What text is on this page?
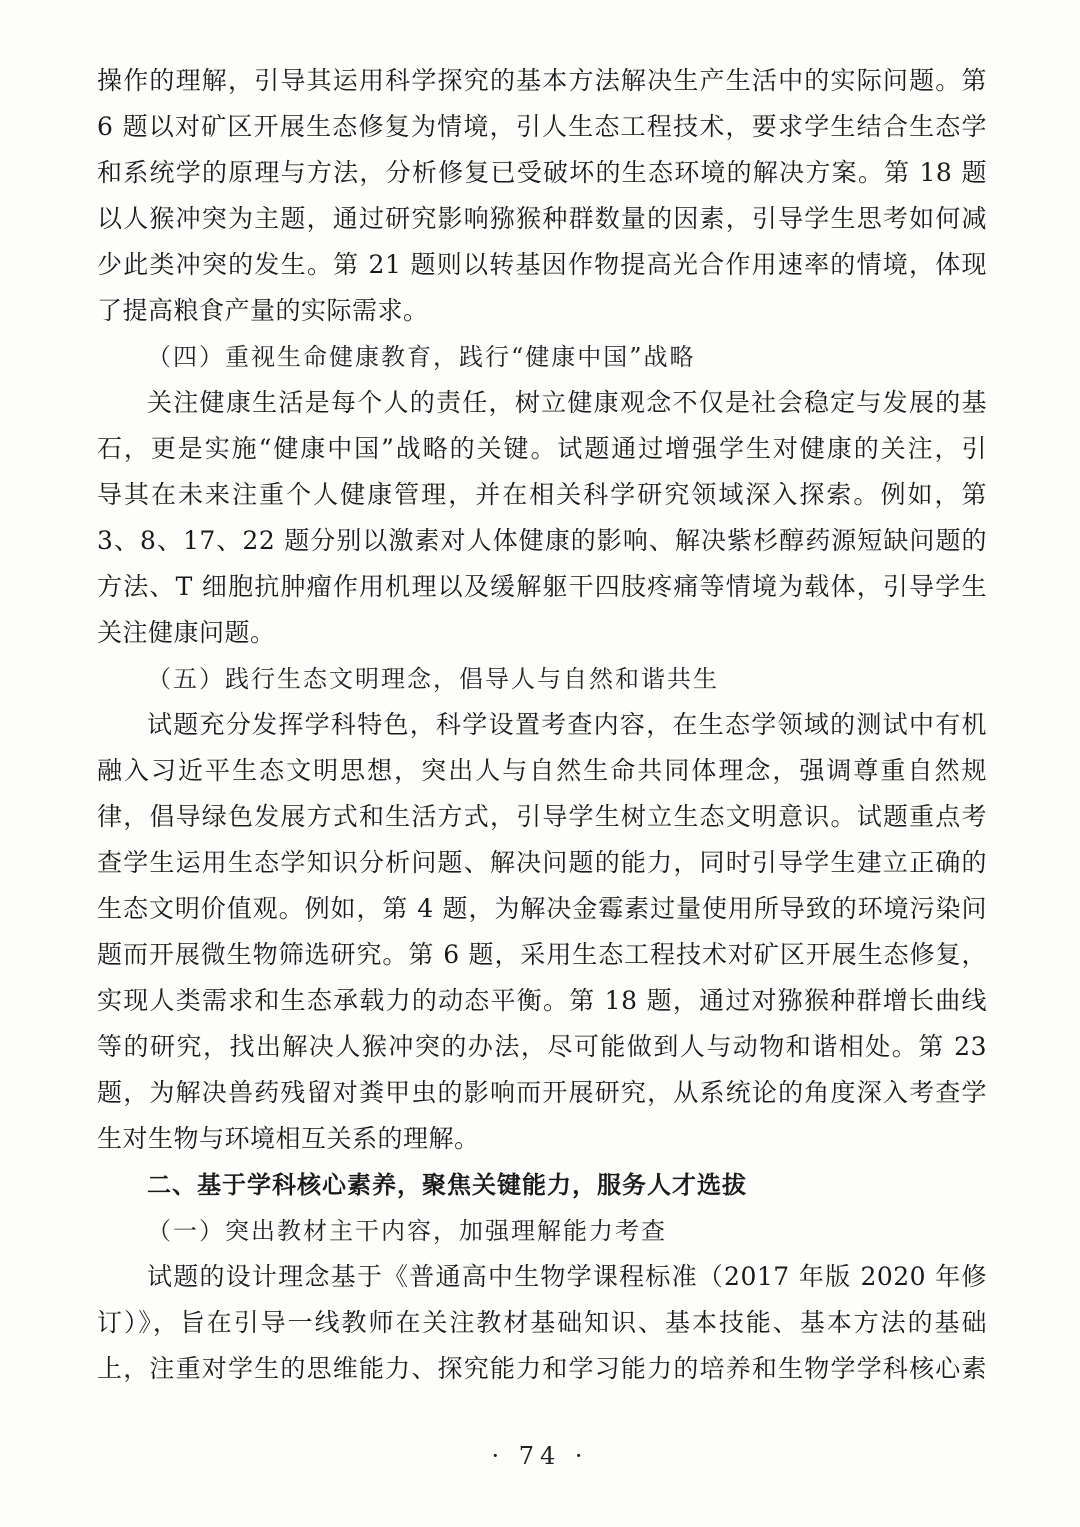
操作的理解，引导其运用科学探究的基本方法解决生产生活中的实际问题。第
6 题以对矿区开展生态修复为情境，引人生态工程技术，要求学生结合生态学
和系统学的原理与方法，分析修复已受破坏的生态环境的解决方案。第 18 题
以人猴冲突为主题，通过研究影响猕猴种群数量的因素，引导学生思考如何减
少此类冲突的发生。第 21 题则以转基因作物提高光合作用速率的情境，体现
了提高粮食产量的实际需求。
（四）重视生命健康教育，践行“健康中国”战略
关注健康生活是每个人的责任，树立健康观念不仅是社会稳定与发展的基
石，更是实施“健康中国”战略的关键。试题通过增强学生对健康的关注，引
导其在未来注重个人健康管理，并在相关科学研究领域深入探索。例如，第
3、8、17、22 题分别以激素对人体健康的影响、解决紫杉醇药源短缺问题的
方法、T 细胞抗肿瘤作用机理以及缓解躯干四肢疼痛等情境为载体，引导学生
关注健康问题。
（五）践行生态文明理念，倡导人与自然和谐共生
试题充分发挥学科特色，科学设置考查内容，在生态学领域的测试中有机
融入习近平生态文明思想，突出人与自然生命共同体理念，强调尊重自然规
律，倡导绿色发展方式和生活方式，引导学生树立生态文明意识。试题重点考
查学生运用生态学知识分析问题、解决问题的能力，同时引导学生建立正确的
生态文明价值观。例如，第 4 题，为解决金霉素过量使用所导致的环境污染问
题而开展微生物筛选研究。第 6 题，采用生态工程技术对矿区开展生态修复，
实现人类需求和生态承载力的动态平衡。第 18 题，通过对猕猴种群增长曲线
等的研究，找出解决人猴冲突的办法，尽可能做到人与动物和谐相处。第 23
题，为解决兽药残留对粪甲虫的影响而开展研究，从系统论的角度深入考查学
生对生物与环境相互关系的理解。
二、基于学科核心素养，聚焦关键能力，服务人才选拔
（一）突出教材主干内容，加强理解能力考查
试题的设计理念基于《普通高中生物学课程标准（2017 年版 2020 年修
订）》，旨在引导一线教师在关注教材基础知识、基本技能、基本方法的基础
上，注重对学生的思维能力、探究能力和学习能力的培养和生物学学科核心素
· 74 ·
